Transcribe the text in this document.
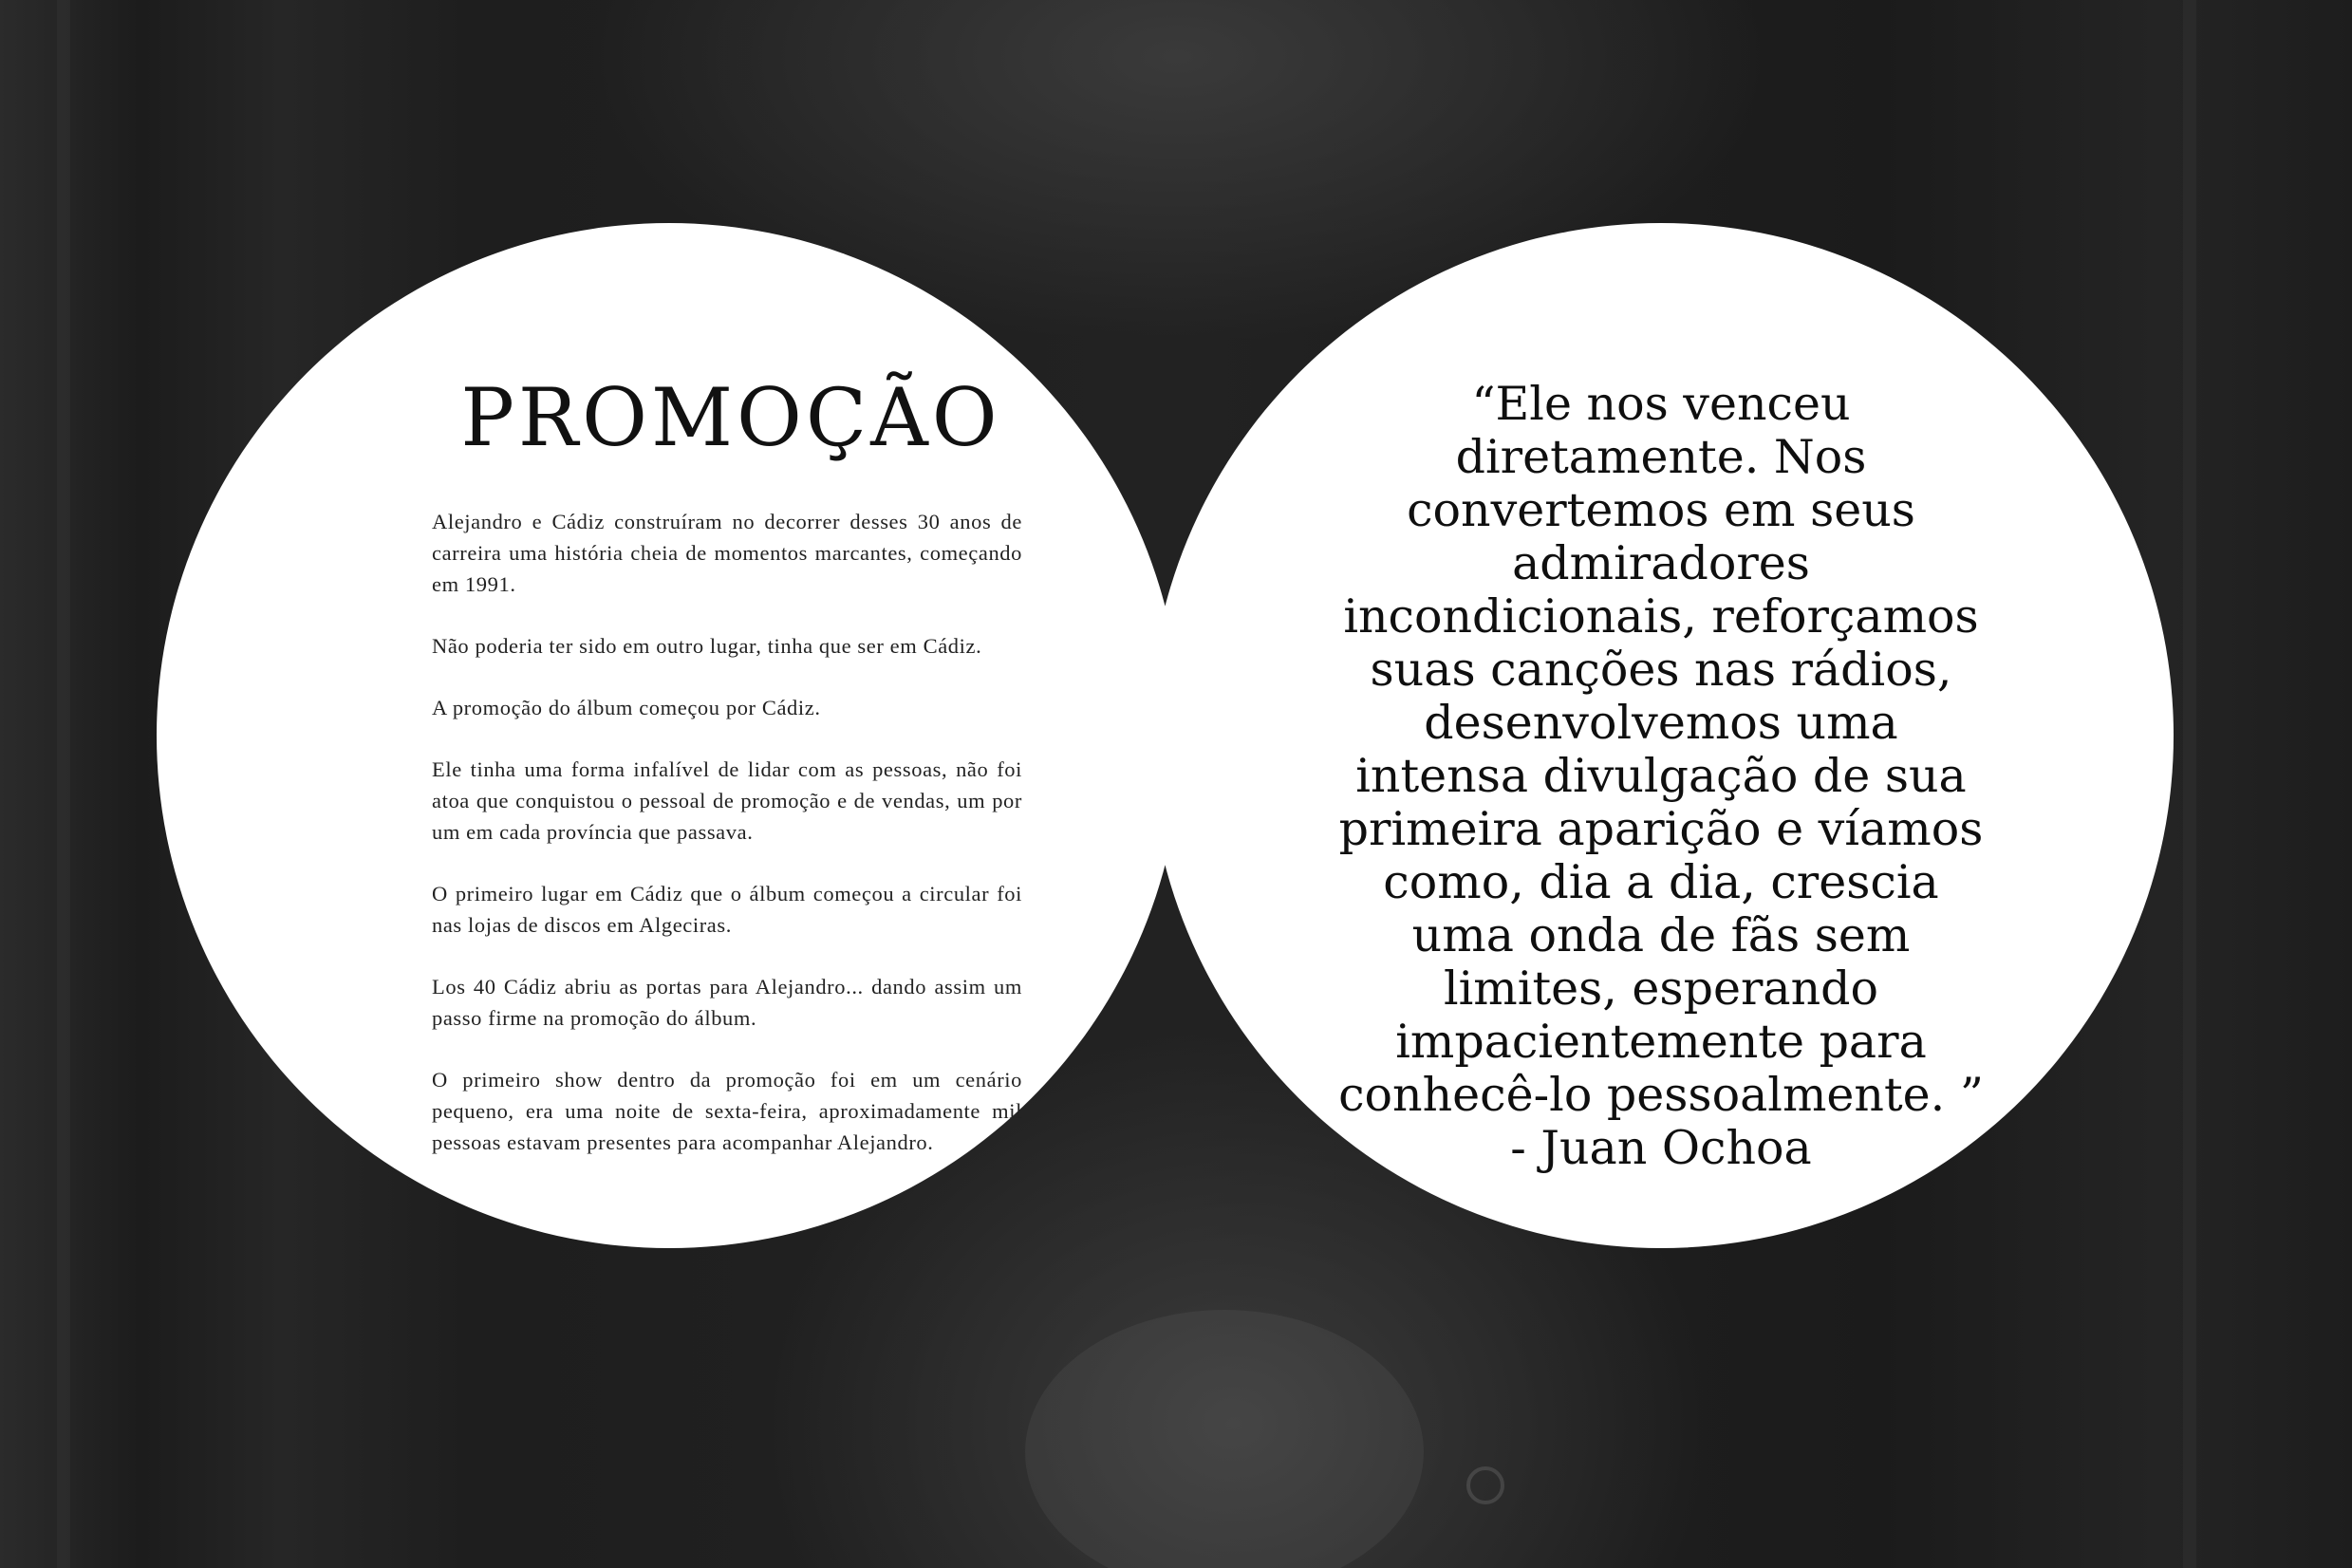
PROMOÇÃO

Alejandro e Cádiz construíram no decorrer desses 30 anos de carreira uma história cheia de momentos marcantes, começando em 1991.

Não poderia ter sido em outro lugar, tinha que ser em Cádiz.

A promoção do álbum começou por Cádiz.

Ele tinha uma forma infalível de lidar com as pessoas, não foi atoa que conquistou o pessoal de promoção e de vendas, um por um em cada província que passava.

O primeiro lugar em Cádiz que o álbum começou a circular foi nas lojas de discos em Algeciras.

Los 40 Cádiz abriu as portas para Alejandro... dando assim um passo firme na promoção do álbum.

O primeiro show dentro da promoção foi em um cenário pequeno, era uma noite de sexta-feira, aproximadamente mil pessoas estavam presentes para acompanhar Alejandro.

“Ele nos venceu
diretamente. Nos
convertemos em seus
admiradores
incondicionais, reforçamos
suas canções nas rádios,
desenvolvemos uma
intensa divulgação de sua
primeira aparição e víamos
como, dia a dia, crescia
uma onda de fãs sem
limites, esperando
impacientemente para
conhecê-lo pessoalmente. ”
- Juan Ochoa
